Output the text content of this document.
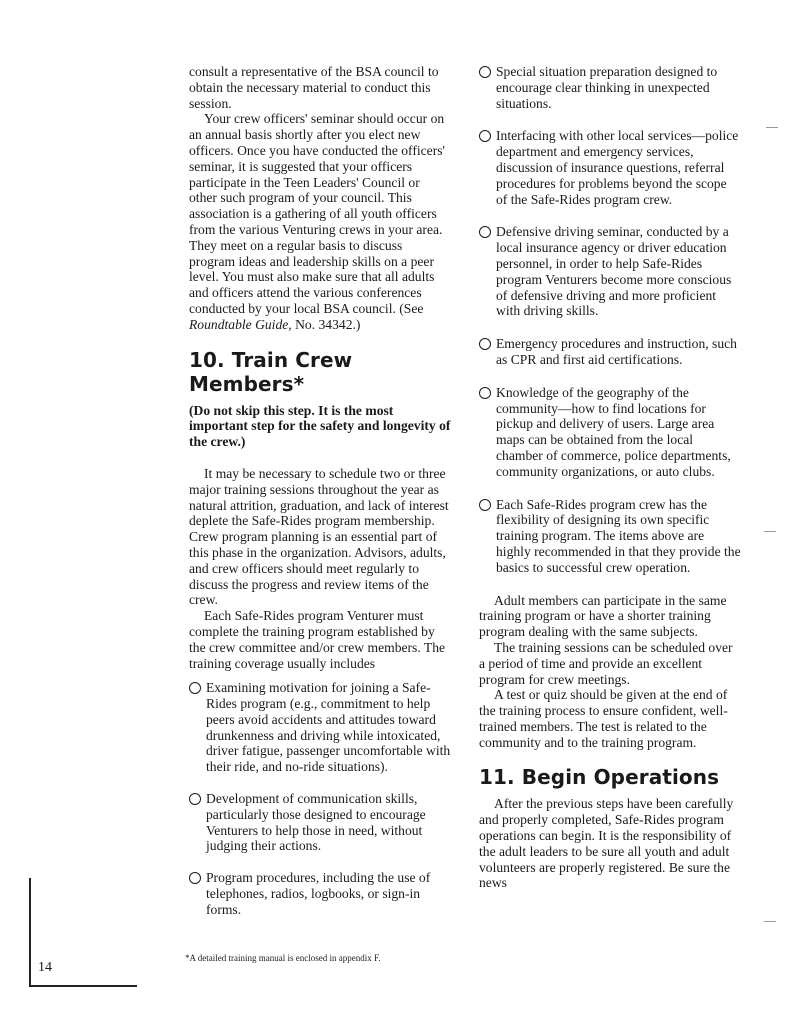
consult a representative of the BSA council to obtain the necessary material to conduct this session.

Your crew officers' seminar should occur on an annual basis shortly after you elect new officers. Once you have conducted the officers' seminar, it is suggested that your officers participate in the Teen Leaders' Council or other such program of your council. This association is a gathering of all youth officers from the various Venturing crews in your area. They meet on a regular basis to discuss program ideas and leadership skills on a peer level. You must also make sure that all adults and officers attend the various conferences conducted by your local BSA council. (See Roundtable Guide, No. 34342.)

10. Train Crew Members*

(Do not skip this step. It is the most important step for the safety and longevity of the crew.)

It may be necessary to schedule two or three major training sessions throughout the year as natural attrition, graduation, and lack of interest deplete the Safe-Rides program membership. Crew program planning is an essential part of this phase in the organization. Advisors, adults, and crew officers should meet regularly to discuss the progress and review items of the crew.

Each Safe-Rides program Venturer must complete the training program established by the crew committee and/or crew members. The training coverage usually includes

Examining motivation for joining a Safe-Rides program (e.g., commitment to help peers avoid accidents and attitudes toward drunkenness and driving while intoxicated, driver fatigue, passenger uncomfortable with their ride, and no-ride situations).
Development of communication skills, particularly those designed to encourage Venturers to help those in need, without judging their actions.
Program procedures, including the use of telephones, radios, logbooks, or sign-in forms.
Special situation preparation designed to encourage clear thinking in unexpected situations.
Interfacing with other local services—police department and emergency services, discussion of insurance questions, referral procedures for problems beyond the scope of the Safe-Rides program crew.
Defensive driving seminar, conducted by a local insurance agency or driver education personnel, in order to help Safe-Rides program Venturers become more conscious of defensive driving and more proficient with driving skills.
Emergency procedures and instruction, such as CPR and first aid certifications.
Knowledge of the geography of the community—how to find locations for pickup and delivery of users. Large area maps can be obtained from the local chamber of commerce, police departments, community organizations, or auto clubs.
Each Safe-Rides program crew has the flexibility of designing its own specific training program. The items above are highly recommended in that they provide the basics to successful crew operation.

Adult members can participate in the same training program or have a shorter training program dealing with the same subjects.

The training sessions can be scheduled over a period of time and provide an excellent program for crew meetings.

A test or quiz should be given at the end of the training process to ensure confident, well-trained members. The test is related to the community and to the training program.

11. Begin Operations

After the previous steps have been carefully and properly completed, Safe-Rides program operations can begin. It is the responsibility of the adult leaders to be sure all youth and adult volunteers are properly registered. Be sure the news

*A detailed training manual is enclosed in appendix F.
14
